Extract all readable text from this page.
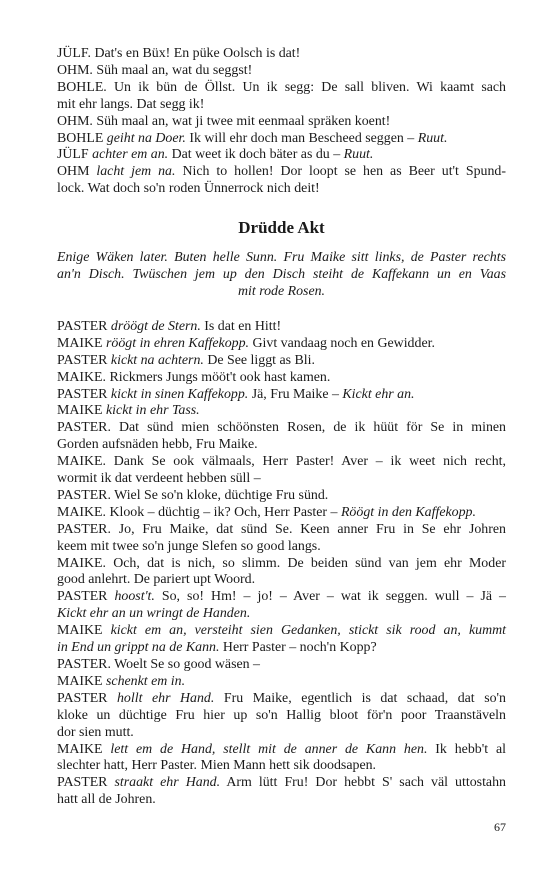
JÜLF. Dat's en Büx! En püke Oolsch is dat!
OHM. Süh maal an, wat du seggst!
BOHLE. Un ik bün de Öllst. Un ik segg: De sall bliven. Wi kaamt sach
mit ehr langs. Dat segg ik!
OHM. Süh maal an, wat ji twee mit eenmaal spräken koent!
BOHLE geiht na Doer. Ik will ehr doch man Bescheed seggen – Ruut.
JÜLF achter em an. Dat weet ik doch bäter as du – Ruut.
OHM lacht jem na. Nich to hollen! Dor loopt se hen as Beer ut't Spund-
lock. Wat doch so'n roden Ünnerrock nich deit!
Drüdde Akt
Enige Wäken later. Buten helle Sunn. Fru Maike sitt links, de Paster rechts
an'n Disch. Twüschen jem up den Disch steiht de Kaffekann un en Vaas
mit rode Rosen.
PASTER dröögt de Stern. Is dat en Hitt!
MAIKE röögt in ehren Kaffekopp. Givt vandaag noch en Gewidder.
PASTER kickt na achtern. De See liggt as Bli.
MAIKE. Rickmers Jungs mööt't ook hast kamen.
PASTER kickt in sinen Kaffekopp. Jä, Fru Maike – Kickt ehr an.
MAIKE kickt in ehr Tass.
PASTER. Dat sünd mien schöönsten Rosen, de ik hüüt för Se in minen
Gorden aufsnäden hebb, Fru Maike.
MAIKE. Dank Se ook välmaals, Herr Paster! Aver – ik weet nich recht,
wormit ik dat verdeent hebben süll –
PASTER. Wiel Se so'n kloke, düchtige Fru sünd.
MAIKE. Klook – düchtig – ik? Och, Herr Paster – Röögt in den Kaffekopp.
PASTER. Jo, Fru Maike, dat sünd Se. Keen anner Fru in Se ehr Johren
keem mit twee so'n junge Slefen so good langs.
MAIKE. Och, dat is nich, so slimm. De beiden sünd van jem ehr Moder
good anlehrt. De pariert upt Woord.
PASTER hoost't. So, so! Hm! – jo! – Aver – wat ik seggen. wull – Jä –
Kickt ehr an un wringt de Handen.
MAIKE kickt em an, versteiht sien Gedanken, stickt sik rood an, kummt
in End un grippt na de Kann. Herr Paster – noch'n Kopp?
PASTER. Woelt Se so good wäsen –
MAIKE schenkt em in.
PASTER hollt ehr Hand. Fru Maike, egentlich is dat schaad, dat so'n
kloke un düchtige Fru hier up so'n Hallig bloot för'n poor Traanstäveln
dor sien mutt.
MAIKE lett em de Hand, stellt mit de anner de Kann hen. Ik hebb't al
slechter hatt, Herr Paster. Mien Mann hett sik doodsapen.
PASTER straakt ehr Hand. Arm lütt Fru! Dor hebbt S' sach väl uttostahn
hatt all de Johren.
67
